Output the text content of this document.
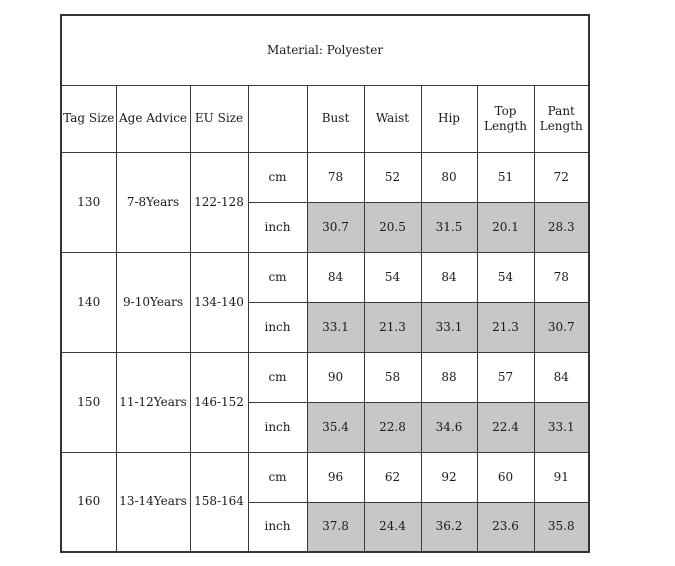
Material: Polyester								
Tag Size	Age Advice	EU Size		Bust	Waist	Hip	Top Length	Pant Length
130	7-8Years	122-128	cm	78	52	80	51	72
			inch	30.7	20.5	31.5	20.1	28.3
140	9-10Years	134-140	cm	84	54	84	54	78
			inch	33.1	21.3	33.1	21.3	30.7
150	11-12Years	146-152	cm	90	58	88	57	84
			inch	35.4	22.8	34.6	22.4	33.1
160	13-14Years	158-164	cm	96	62	92	60	91
			inch	37.8	24.4	36.2	23.6	35.8
